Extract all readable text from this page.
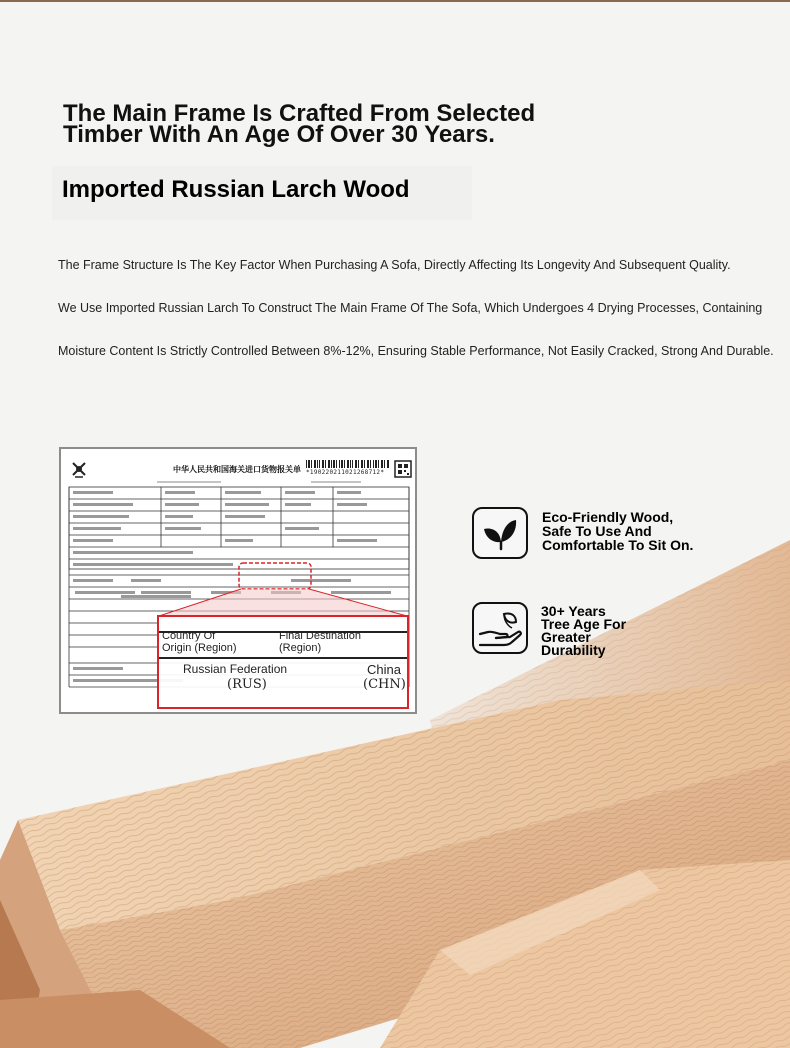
The Main Frame Is Crafted From Selected
Timber With An Age Of Over 30 Years.
Imported Russian Larch Wood
The Frame Structure Is The Key Factor When Purchasing A Sofa, Directly Affecting Its Longevity And Subsequent Quality.
We Use Imported Russian Larch To Construct The Main Frame Of The Sofa, Which Undergoes 4 Drying Processes, Containing
Moisture Content Is Strictly Controlled Between 8%-12%, Ensuring Stable Performance, Not Easily Cracked, Strong And Durable.
中华人民共和国海关进口货物报关单 *190220211021268712*
Country Of
Origin (Region)
Final Destination
(Region)
Russian Federation	China
(RUS)	(CHN)
Eco-Friendly Wood,
Safe To Use And
Comfortable To Sit On.
30+ Years
Tree Age For
Greater
Durability
